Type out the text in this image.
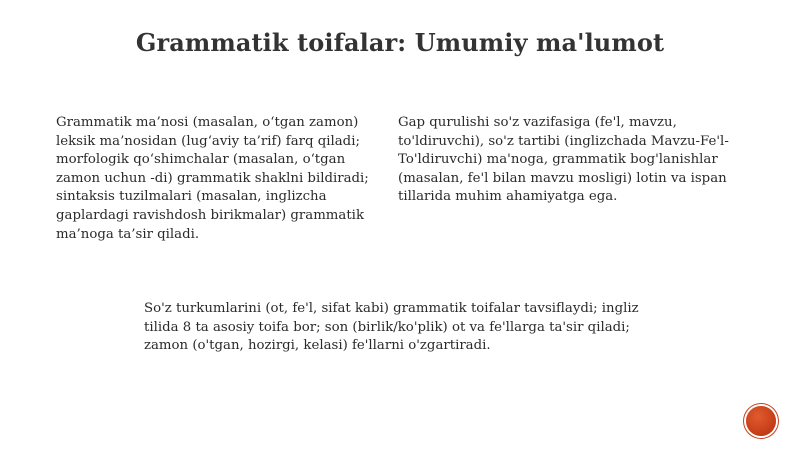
Grammatik toifalar: Umumiy ma'lumot
Grammatik ma’nosi (masalan, o‘tgan zamon) leksik ma’nosidan (lug‘aviy ta’rif) farq qiladi; morfologik qo‘shimchalar (masalan, o‘tgan zamon uchun -di) grammatik shaklni bildiradi; sintaksis tuzilmalari (masalan, inglizcha gaplardagi ravishdosh birikmalar) grammatik ma’noga ta’sir qiladi.
Gap qurulishi so'z vazifasiga (fe'l, mavzu, to'ldiruvchi), so'z tartibi (inglizchada Mavzu-Fe'l-To'ldiruvchi) ma'noga, grammatik bog'lanishlar (masalan, fe'l bilan mavzu mosligi) lotin va ispan tillarida muhim ahamiyatga ega.
So'z turkumlarini (ot, fe'l, sifat kabi) grammatik toifalar tavsiflaydi; ingliz tilida 8 ta asosiy toifa bor; son (birlik/ko'plik) ot va fe'llarga ta'sir qiladi; zamon (o'tgan, hozirgi, kelasi) fe'llarni o'zgartiradi.
